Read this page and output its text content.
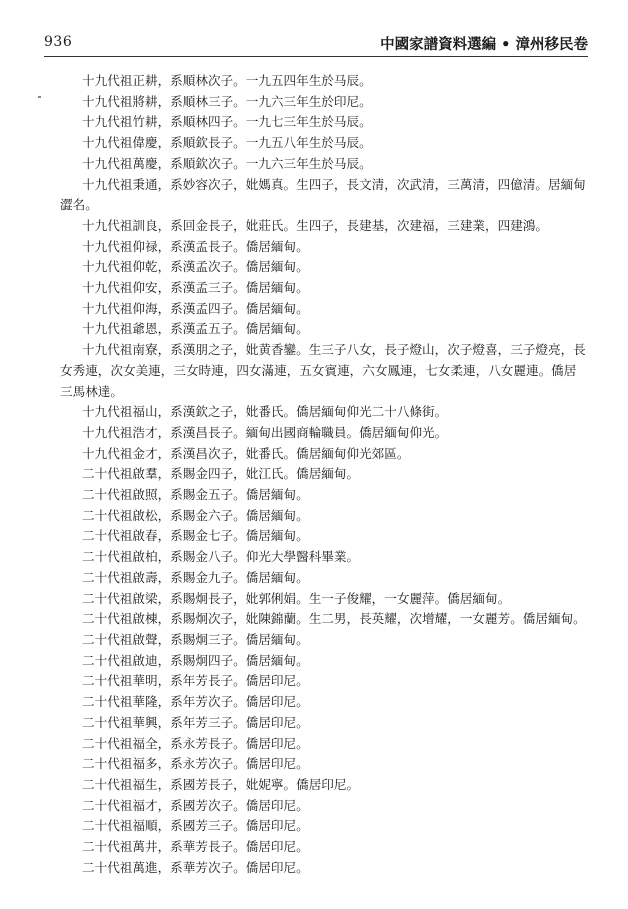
936	中國家譜資料選編 • 漳州移民卷

十九代祖正耕，系順林次子。一九五四年生於马辰。

十九代祖將耕，系順林三子。一九六三年生於印尼。

十九代祖竹耕，系順林四子。一九七三年生於马辰。

十九代祖偉慶，系順欽長子。一九五八年生於马辰。

十九代祖萬慶，系順欽次子。一九六三年生於马辰。

十九代祖秉通，系妙容次子，妣媽真。生四子，長文清，次武清，三萬清，四億清。居緬甸澀名。

十九代祖訓良，系回金長子，妣莊氏。生四子，長建基，次建福，三建業，四建鴻。

十九代祖仰禄，系漢孟長子。僑居緬甸。

十九代祖仰乾，系漢孟次子。僑居緬甸。

十九代祖仰安，系漢孟三子。僑居緬甸。

十九代祖仰海，系漢孟四子。僑居緬甸。

十九代祖爺恩，系漢孟五子。僑居緬甸。

十九代祖南寮，系漢朋之子，妣黄香鑾。生三子八女，長子燈山，次子燈喜，三子燈亮，長女秀連，次女美連，三女時連，四女滿連，五女賓連，六女鳳連，七女柔連，八女麗連。僑居三馬林達。

十九代祖福山，系漢欽之子，妣番氏。僑居緬甸仰光二十八條街。

十九代祖浩才，系漢昌長子。緬甸出國商輪職員。僑居緬甸仰光。

十九代祖金才，系漢昌次子，妣番氏。僑居緬甸仰光郊區。

二十代祖啟羣，系賜金四子，妣江氏。僑居緬甸。

二十代祖啟照，系賜金五子。僑居緬甸。

二十代祖啟松，系賜金六子。僑居緬甸。

二十代祖啟春，系賜金七子。僑居緬甸。

二十代祖啟柏，系賜金八子。仰光大學醫科畢業。

二十代祖啟壽，系賜金九子。僑居緬甸。

二十代祖啟梁，系賜炯長子，妣郭俐娟。生一子俊耀，一女麗萍。僑居緬甸。

二十代祖啟棟，系賜炯次子，妣陳錦蘭。生二男，長英耀，次增耀，一女麗芳。僑居緬甸。

二十代祖啟聲，系賜炯三子。僑居緬甸。

二十代祖啟迪，系賜炯四子。僑居緬甸。

二十代祖華明，系年芳長子。僑居印尼。

二十代祖華隆，系年芳次子。僑居印尼。

二十代祖華興，系年芳三子。僑居印尼。

二十代祖福全，系永芳長子。僑居印尼。

二十代祖福多，系永芳次子。僑居印尼。

二十代祖福生，系國芳長子，妣妮寧。僑居印尼。

二十代祖福才，系國芳次子。僑居印尼。

二十代祖福順，系國芳三子。僑居印尼。

二十代祖萬井，系華芳長子。僑居印尼。

二十代祖萬進，系華芳次子。僑居印尼。
